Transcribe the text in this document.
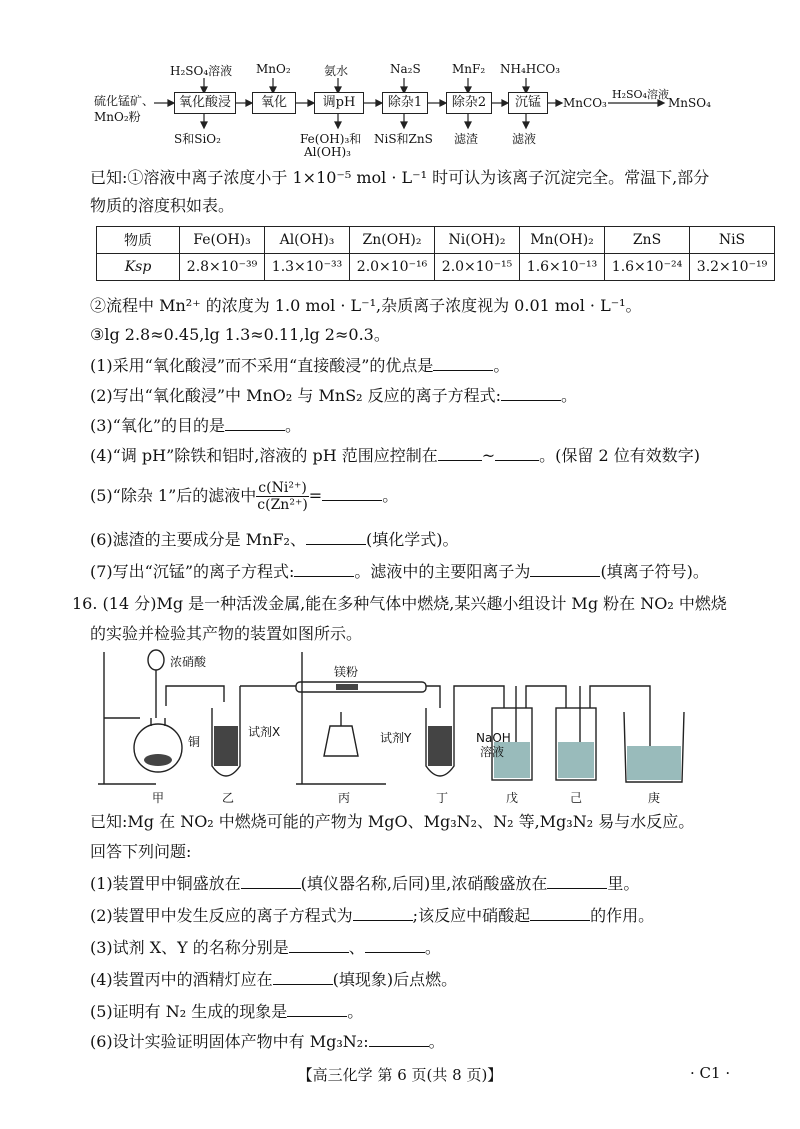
硫化锰矿、
MnO₂粉
氧化酸浸	氧化	调pH	除杂1	除杂2	沉锰
H₂SO₄溶液 MnO₂	氨水	Na₂S	MnF₂ NH₄HCO₃
S和SiO₂	Fe(OH)₃和
Al(OH)₃
NiS和ZnS 滤渣	滤液
MnCO₃
H₂SO₄溶液
MnSO₄
已知:①溶液中离子浓度小于 1×10⁻⁵ mol · L⁻¹ 时可认为该离子沉淀完全。常温下,部分
物质的溶度积如表。
物质	Fe(OH)₃	Al(OH)₃	Zn(OH)₂	Ni(OH)₂	Mn(OH)₂	ZnS	NiS
Ksp	2.8×10⁻³⁹	1.3×10⁻³³	2.0×10⁻¹⁶	2.0×10⁻¹⁵	1.6×10⁻¹³	1.6×10⁻²⁴	3.2×10⁻¹⁹
②流程中 Mn²⁺ 的浓度为 1.0 mol · L⁻¹,杂质离子浓度视为 0.01 mol · L⁻¹。
③lg 2.8≈0.45,lg 1.3≈0.11,lg 2≈0.3。
(1)采用“氧化酸浸”而不采用“直接酸浸”的优点是	。
(2)写出“氧化酸浸”中 MnO₂ 与 MnS₂ 反应的离子方程式:	。
(3)“氧化”的目的是	。
(4)“调 pH”除铁和铝时,溶液的 pH 范围应控制在	~	。(保留 2 位有效数字)
(5)“除杂 1”后的滤液中 $\frac{\text{c(Ni²⁺)}}{\text{c(Zn²⁺)}}$ =	。
(6)滤渣的主要成分是 MnF₂、	(填化学式)。
(7)写出“沉锰”的离子方程式:	。滤液中的主要阳离子为	(填离子符号)。
16. (14 分)Mg 是一种活泼金属,能在多种气体中燃烧,某兴趣小组设计 Mg 粉在 NO₂ 中燃烧
的实验并检验其产物的装置如图所示。
浓硝酸
铜
试剂X
镁粉
试剂Y	NaOH
溶液
甲	乙	丙	丁	戊	己	庚
已知:Mg 在 NO₂ 中燃烧可能的产物为 MgO、Mg₃N₂、N₂ 等,Mg₃N₂ 易与水反应。
回答下列问题:
(1)装置甲中铜盛放在	(填仪器名称,后同)里,浓硝酸盛放在	里。
(2)装置甲中发生反应的离子方程式为	;该反应中硝酸起	的作用。
(3)试剂 X、Y 的名称分别是	、	。
(4)装置丙中的酒精灯应在	(填现象)后点燃。
(5)证明有 N₂ 生成的现象是	。
(6)设计实验证明固体产物中有 Mg₃N₂:	。
【高三化学 第 6 页(共 8 页)】	· C1 ·
